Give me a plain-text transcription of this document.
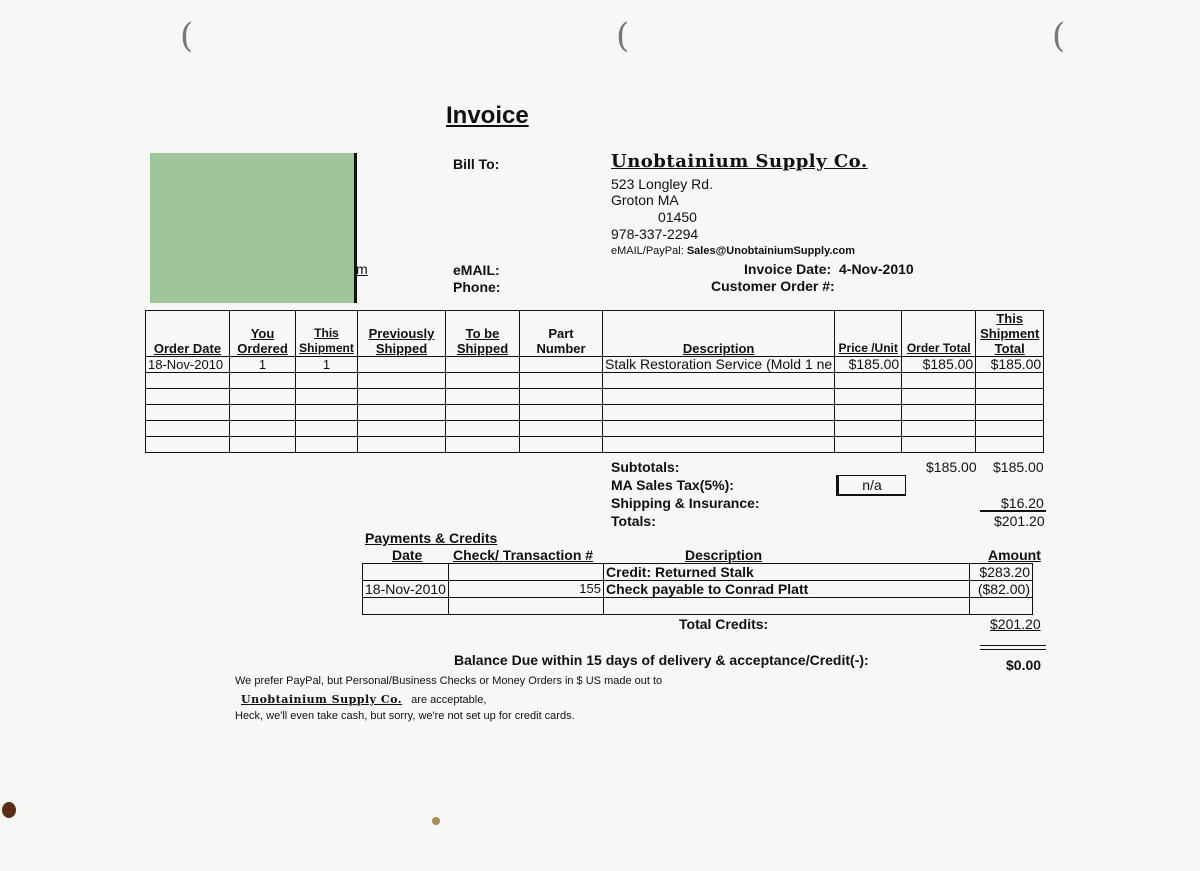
(	(	(
Invoice
m
Bill To:
eMAIL:
Phone:
Unobtainium Supply Co.
523 Longley Rd.
Groton MA
01450
978-337-2294
eMAIL/PayPal: Sales@UnobtainiumSupply.com
Invoice Date: 4-Nov-2010
Customer Order #:
Order Date	You Ordered	This Shipment	Previously Shipped	To be Shipped	Part Number	Description	Price /Unit	Order Total	This Shipment Total
18-Nov-2010	1	1				Stalk Restoration Service (Mold 1 ne	$185.00	$185.00	$185.00

Subtotals:	$185.00 $185.00
MA Sales Tax(5%):	n/a
Shipping & Insurance:	$16.20
Totals:	$201.20
Payments & Credits
Date Check/ Transaction #	Description	Amount
		Credit: Returned Stalk	$283.20
18-Nov-2010	155	Check payable to Conrad Platt	($82.00)

Total Credits:	$201.20
Balance Due within 15 days of delivery & acceptance/Credit(-):	$0.00
We prefer PayPal, but Personal/Business Checks or Money Orders in $ US made out to
Unobtainium Supply Co. are acceptable,
Heck, we'll even take cash, but sorry, we're not set up for credit cards.
